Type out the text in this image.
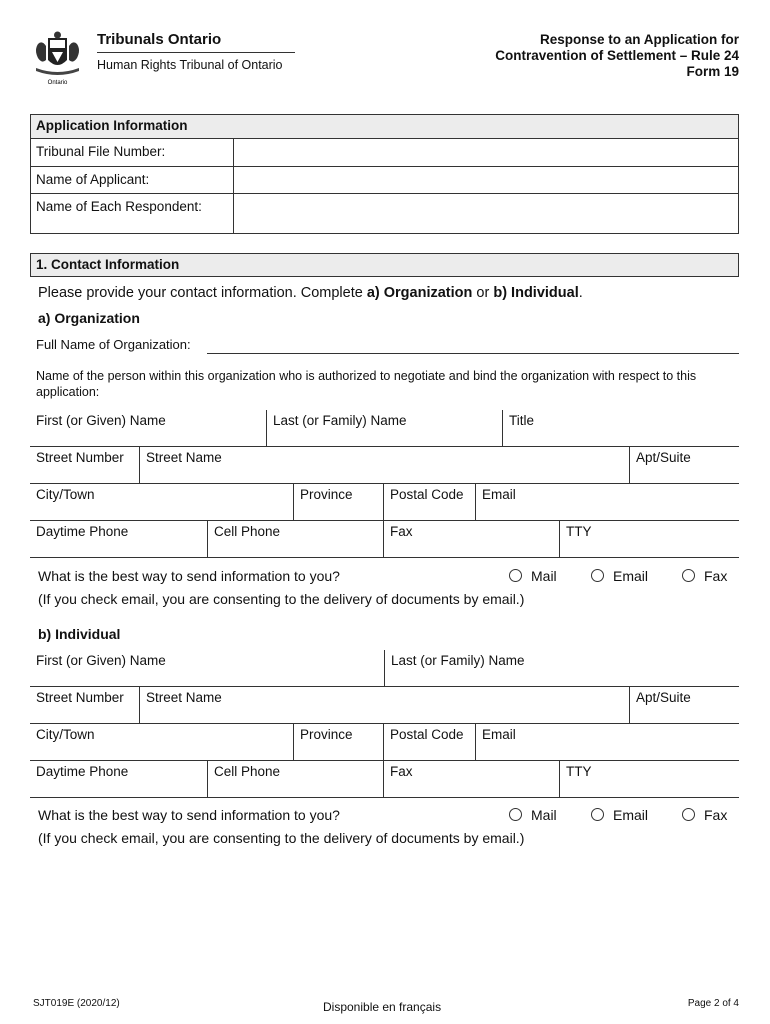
Ontario
Tribunals Ontario
Human Rights Tribunal of Ontario
Response to an Application for
Contravention of Settlement – Rule 24
Form 19
Application Information
Tribunal File Number:
Name of Applicant:
Name of Each Respondent:
1. Contact Information
Please provide your contact information. Complete a) Organization or b) Individual.
a) Organization
Full Name of Organization:
Name of the person within this organization who is authorized to negotiate and bind the organization with respect to this application:
First (or Given) Name	Last (or Family) Name	Title
Street Number	Street Name	Apt/Suite
City/Town	Province	Postal Code	Email
Daytime Phone	Cell Phone	Fax	TTY
What is the best way to send information to you?	Mail	Email	Fax
(If you check email, you are consenting to the delivery of documents by email.)
b) Individual
First (or Given) Name	Last (or Family) Name
Street Number	Street Name	Apt/Suite
City/Town	Province	Postal Code	Email
Daytime Phone	Cell Phone	Fax	TTY
What is the best way to send information to you?	Mail	Email	Fax
(If you check email, you are consenting to the delivery of documents by email.)
SJT019E (2020/12)	Disponible en français	Page 2 of 4
